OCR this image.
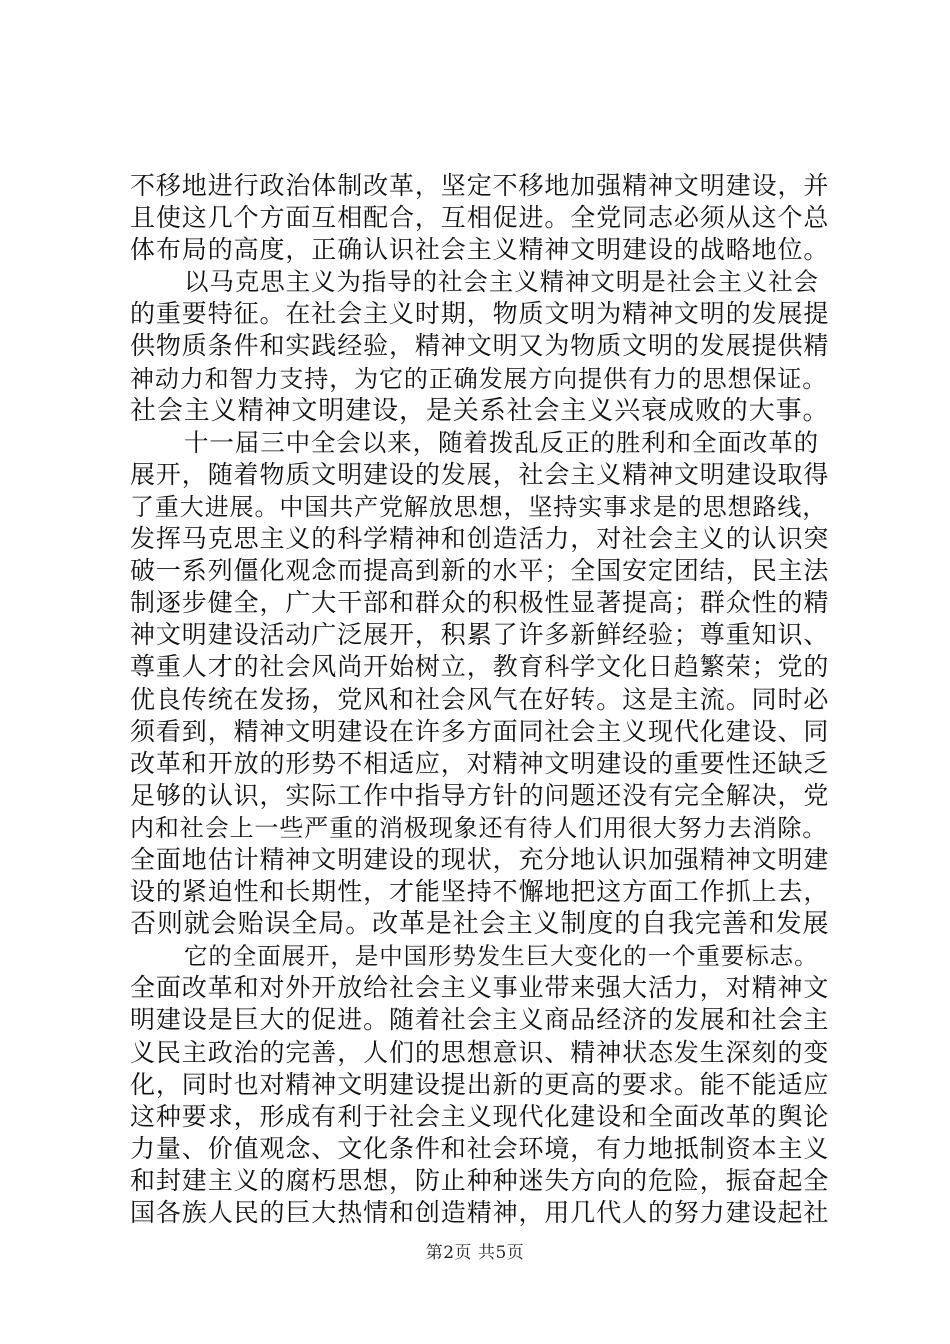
不移地进行政治体制改革，坚定不移地加强精神文明建设，并
且使这几个方面互相配合，互相促进。全党同志必须从这个总
体布局的高度，正确认识社会主义精神文明建设的战略地位。
以马克思主义为指导的社会主义精神文明是社会主义社会
的重要特征。在社会主义时期，物质文明为精神文明的发展提
供物质条件和实践经验，精神文明又为物质文明的发展提供精
神动力和智力支持，为它的正确发展方向提供有力的思想保证。
社会主义精神文明建设，是关系社会主义兴衰成败的大事。
十一届三中全会以来，随着拨乱反正的胜利和全面改革的
展开，随着物质文明建设的发展，社会主义精神文明建设取得
了重大进展。中国共产党解放思想，坚持实事求是的思想路线，
发挥马克思主义的科学精神和创造活力，对社会主义的认识突
破一系列僵化观念而提高到新的水平；全国安定团结，民主法
制逐步健全，广大干部和群众的积极性显著提高；群众性的精
神文明建设活动广泛展开，积累了许多新鲜经验；尊重知识、
尊重人才的社会风尚开始树立，教育科学文化日趋繁荣；党的
优良传统在发扬，党风和社会风气在好转。这是主流。同时必
须看到，精神文明建设在许多方面同社会主义现代化建设、同
改革和开放的形势不相适应，对精神文明建设的重要性还缺乏
足够的认识，实际工作中指导方针的问题还没有完全解决，党
内和社会上一些严重的消极现象还有待人们用很大努力去消除。
全面地估计精神文明建设的现状，充分地认识加强精神文明建
设的紧迫性和长期性，才能坚持不懈地把这方面工作抓上去，
否则就会贻误全局。改革是社会主义制度的自我完善和发展
它的全面展开，是中国形势发生巨大变化的一个重要标志。
全面改革和对外开放给社会主义事业带来强大活力，对精神文
明建设是巨大的促进。随着社会主义商品经济的发展和社会主
义民主政治的完善，人们的思想意识、精神状态发生深刻的变
化，同时也对精神文明建设提出新的更高的要求。能不能适应
这种要求，形成有利于社会主义现代化建设和全面改革的舆论
力量、价值观念、文化条件和社会环境，有力地抵制资本主义
和封建主义的腐朽思想，防止种种迷失方向的危险，振奋起全
国各族人民的巨大热情和创造精神，用几代人的努力建设起社
第2页 共5页
